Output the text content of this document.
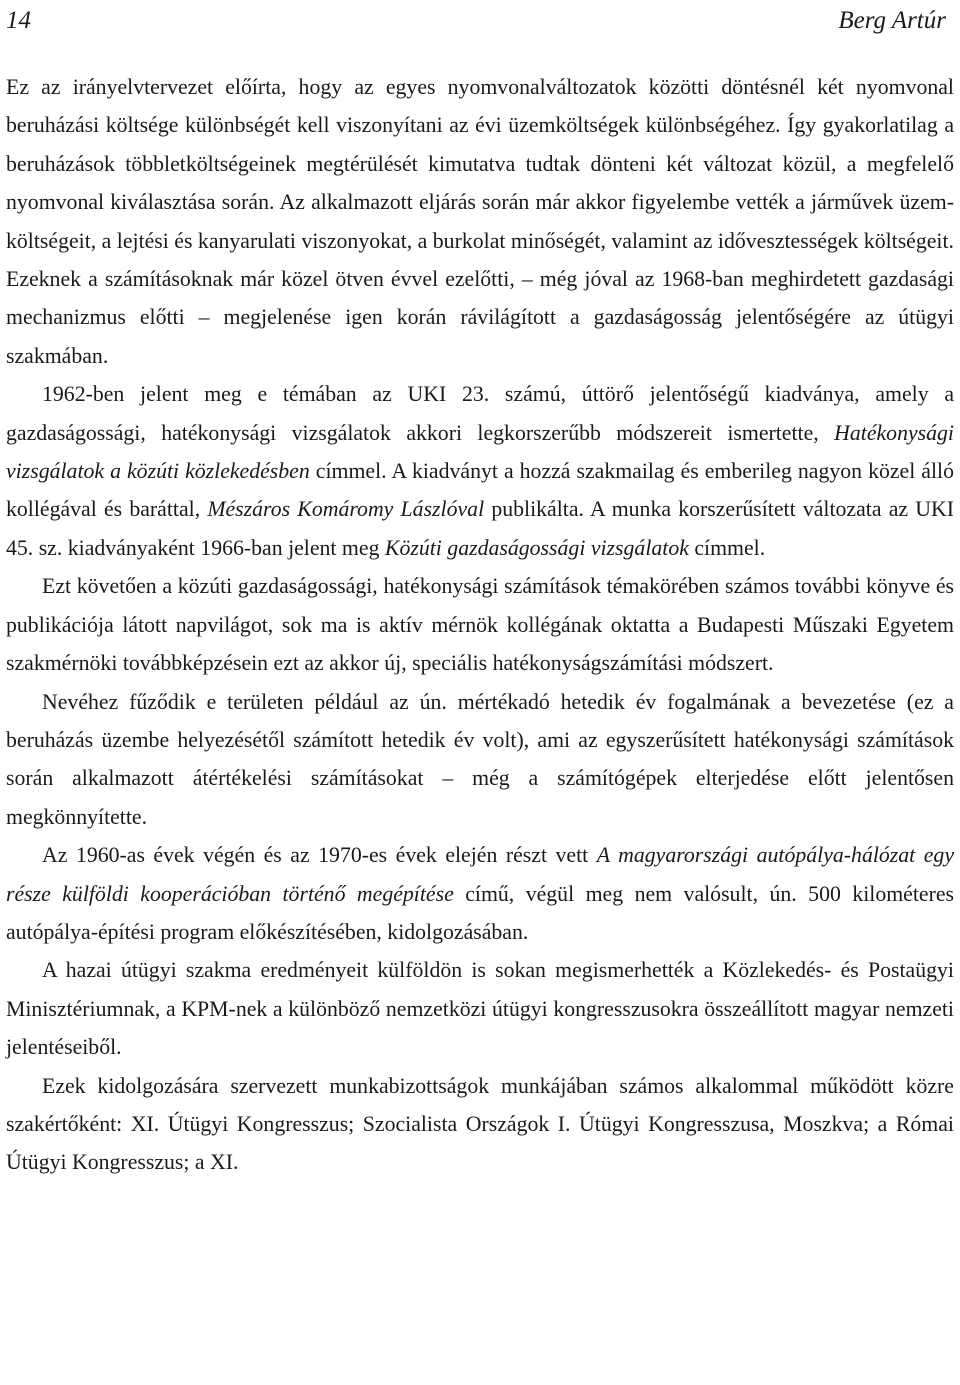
14	Berg Artúr

Ez az irányelvtervezet előírta, hogy az egyes nyomvonalváltozatok közötti döntésnél két nyomvonal beruházási költsége különbségét kell viszonyítani az évi üzemköltségek különbségéhez. Így gyakorlatilag a beruházások többletköltségeinek megtérülését kimutatva tudtak dönteni két változat közül, a megfelelő nyomvonal kiválasztása során. Az alkalmazott eljárás során már akkor figyelembe vették a járművek üzemköltségeit, a lejtési és kanyarulati viszonyokat, a burkolat minőségét, valamint az idővesztességek költségeit. Ezeknek a számításoknak már közel ötven évvel ezelőtti, – még jóval az 1968-ban meghirdetett gazdasági mechanizmus előtti – megjelenése igen korán rávilágított a gazdaságosság jelentőségére az útügyi szakmában.

1962-ben jelent meg e témában az UKI 23. számú, úttörő jelentőségű kiadványa, amely a gazdaságossági, hatékonysági vizsgálatok akkori legkorszerűbb módszereit ismertette, Hatékonysági vizsgálatok a közúti közlekedésben címmel. A kiadványt a hozzá szakmailag és emberileg nagyon közel álló kollégával és baráttal, Mészáros Komáromy Lászlóval publikálta. A munka korszerűsített változata az UKI 45. sz. kiadványaként 1966-ban jelent meg Közúti gazdaságossági vizsgálatok címmel.

Ezt követően a közúti gazdaságossági, hatékonysági számítások témakörében számos további könyve és publikációja látott napvilágot, sok ma is aktív mérnök kollégának oktatta a Budapesti Műszaki Egyetem szakmérnöki továbbképzésein ezt az akkor új, speciális hatékonyságszámítási módszert.

Nevéhez fűződik e területen például az ún. mértékadó hetedik év fogalmának a bevezetése (ez a beruházás üzembe helyezésétől számított hetedik év volt), ami az egyszerűsített hatékonysági számítások során alkalmazott átértékelési számításokat – még a számítógépek elterjedése előtt jelentősen megkönnyítette.

Az 1960-as évek végén és az 1970-es évek elején részt vett A magyarországi autópálya-hálózat egy része külföldi kooperációban történő megépítése című, végül meg nem valósult, ún. 500 kilométeres autópálya-építési program előkészítésében, kidolgozásában.

A hazai útügyi szakma eredményeit külföldön is sokan megismerhették a Közlekedés- és Postaügyi Minisztériumnak, a KPM-nek a különböző nemzetközi útügyi kongresszusokra összeállított magyar nemzeti jelentéseiből.

Ezek kidolgozására szervezett munkabizottságok munkájában számos alkalommal működött közre szakértőként: XI. Útügyi Kongresszus; Szocialista Országok I. Útügyi Kongresszusa, Moszkva; a Római Útügyi Kongresszus; a XI.
